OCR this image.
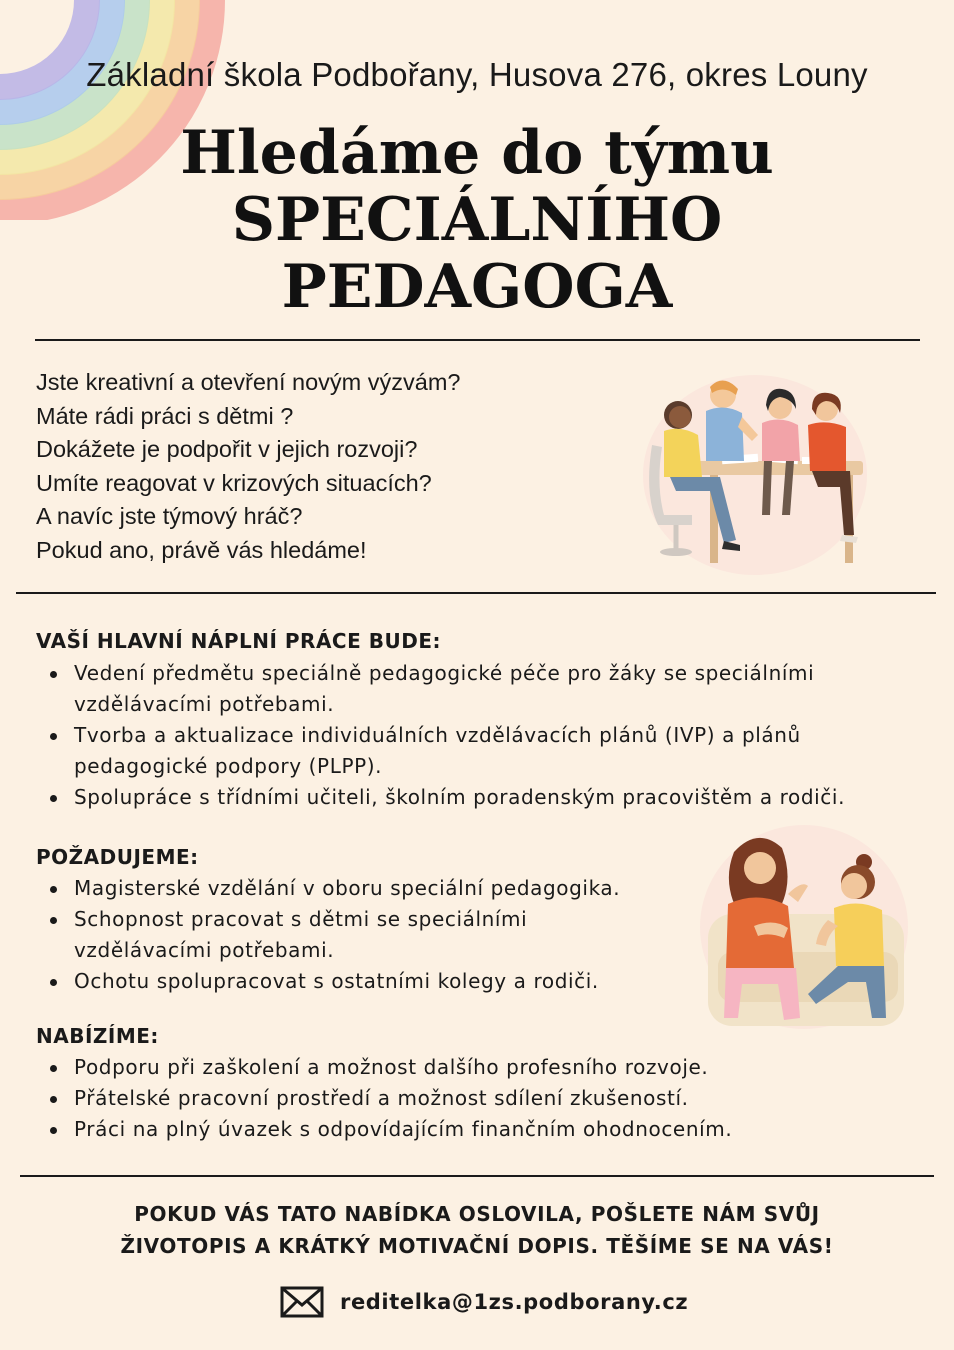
Základní škola Podbořany, Husova 276, okres Louny
Hledáme do týmu
SPECIÁLNÍHO
PEDAGOGA
Jste kreativní a otevření novým výzvám?
Máte rádi práci s dětmi ?
Dokážete je podpořit v jejich rozvoji?
Umíte reagovat v krizových situacích?
A navíc jste týmový hráč?
Pokud ano, právě vás hledáme!
VAŠÍ HLAVNÍ NÁPLNÍ PRÁCE BUDE:
Vedení předmětu speciálně pedagogické péče pro žáky se speciálními
vzdělávacími potřebami.
Tvorba a aktualizace individuálních vzdělávacích plánů (IVP) a plánů
pedagogické podpory (PLPP).
Spolupráce s třídními učiteli, školním poradenským pracovištěm a rodiči.
POŽADUJEME:
Magisterské vzdělání v oboru speciální pedagogika.
Schopnost pracovat s dětmi se speciálními
vzdělávacími potřebami.
Ochotu spolupracovat s ostatními kolegy a rodiči.
NABÍZÍME:
Podporu při zaškolení a možnost dalšího profesního rozvoje.
Přátelské pracovní prostředí a možnost sdílení zkušeností.
Práci na plný úvazek s odpovídajícím finančním ohodnocením.
POKUD VÁS TATO NABÍDKA OSLOVILA, POŠLETE NÁM SVŮJ
ŽIVOTOPIS A KRÁTKÝ MOTIVAČNÍ DOPIS. TĚŠÍME SE NA VÁS!
reditelka@1zs.podborany.cz
